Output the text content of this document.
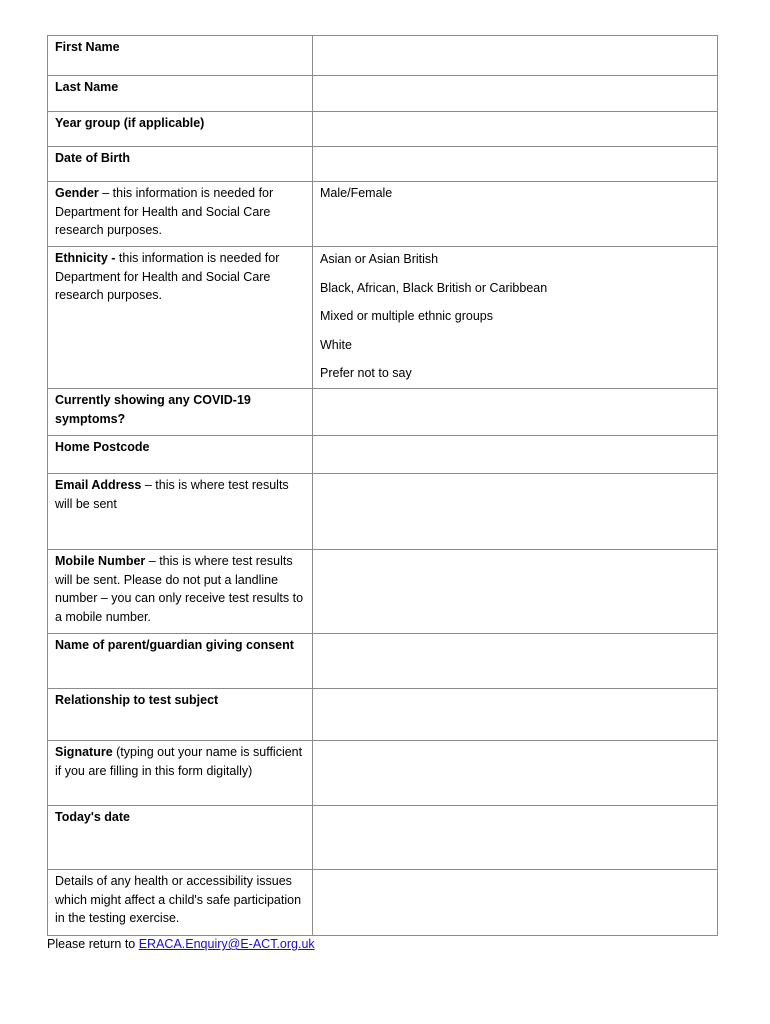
First Name	
Last Name	
Year group (if applicable)	
Date of Birth	
Gender – this information is needed for Department for Health and Social Care research purposes.	Male/Female
Ethnicity - this information is needed for Department for Health and Social Care research purposes.	Asian or Asian British
Black, African, Black British or Caribbean
Mixed or multiple ethnic groups
White
Prefer not to say

Currently showing any COVID-19 symptoms?	
Home Postcode	
Email Address – this is where test results will be sent	
Mobile Number – this is where test results will be sent. Please do not put a landline number – you can only receive test results to a mobile number.	
Name of parent/guardian giving consent	
Relationship to test subject	
Signature (typing out your name is sufficient if you are filling in this form digitally)	
Today's date	
Details of any health or accessibility issues which might affect a child's safe participation in the testing exercise.	
Please return to ERACA.Enquiry@E-ACT.org.uk
